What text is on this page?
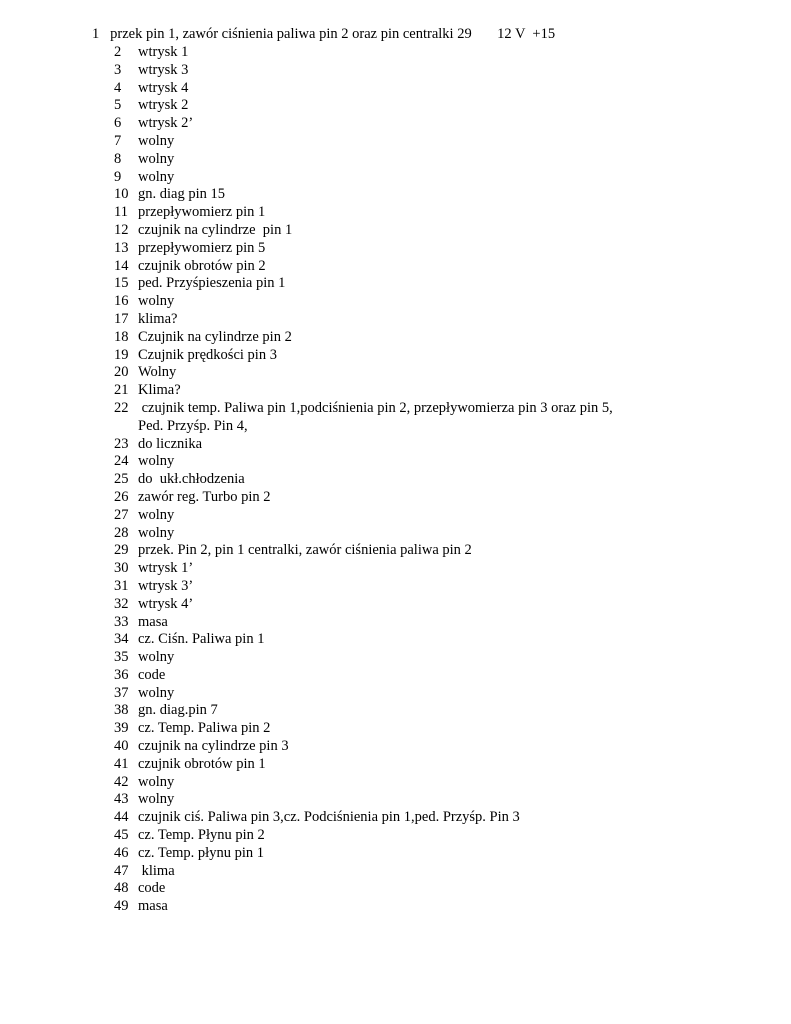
1 przek pin 1, zawór ciśnienia paliwa pin 2 oraz pin centralki 29 12 V +15
2	wtrysk 1
3	wtrysk 3
4	wtrysk 4
5	wtrysk 2
6	wtrysk 2’
7	wolny
8	wolny
9	wolny
10 gn. diag pin 15
11 przepływomierz pin 1
12 czujnik na cylindrze  pin 1
13 przepływomierz pin 5
14 czujnik obrotów pin 2
15 ped. Przyśpieszenia pin 1
16 wolny
17 klima?
18 Czujnik na cylindrze pin 2
19 Czujnik prędkości pin 3
20 Wolny
21 Klima?
22 czujnik temp. Paliwa pin 1,podciśnienia pin 2, przepływomierza pin 3 oraz pin 5,
Ped. Przyśp. Pin 4,
23 do licznika
24 wolny
25 do  ukł.chłodzenia
26 zawór reg. Turbo pin 2
27 wolny
28 wolny
29 przek. Pin 2, pin 1 centralki, zawór ciśnienia paliwa pin 2
30 wtrysk 1’
31 wtrysk 3’
32 wtrysk 4’
33 masa
34 cz. Ciśn. Paliwa pin 1
35 wolny
36 code
37 wolny
38 gn. diag.pin 7
39 cz. Temp. Paliwa pin 2
40 czujnik na cylindrze pin 3
41 czujnik obrotów pin 1
42 wolny
43 wolny
44 czujnik ciś. Paliwa pin 3,cz. Podciśnienia pin 1,ped. Przyśp. Pin 3
45 cz. Temp. Płynu pin 2
46 cz. Temp. płynu pin 1
47 klima
48 code
49 masa
